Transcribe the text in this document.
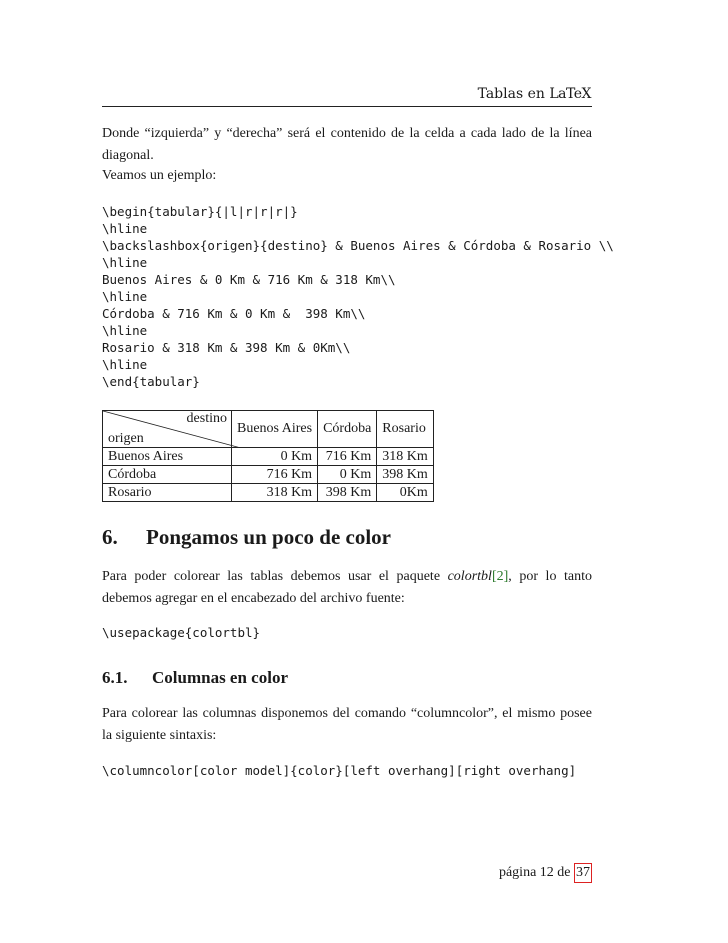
Tablas en LaTeX
Donde “izquierda” y “derecha” será el contenido de la celda a cada lado de la línea diagonal.
Veamos un ejemplo:
\begin{tabular}{|l|r|r|r|}
\hline
\backslashbox{origen}{destino} & Buenos Aires & Córdoba & Rosario \\
\hline
Buenos Aires & 0 Km & 716 Km & 318 Km\\
\hline
Córdoba & 716 Km & 0 Km &  398 Km\\
\hline
Rosario & 318 Km & 398 Km & 0Km\\
\hline
\end{tabular}
destino
origen	Buenos Aires	Córdoba	Rosario
Buenos Aires	0 Km	716 Km	318 Km
Córdoba	716 Km	0 Km	398 Km
Rosario	318 Km	398 Km	0Km
6. Pongamos un poco de color
Para poder colorear las tablas debemos usar el paquete colortbl[2], por lo tanto debemos agregar en el encabezado del archivo fuente:
\usepackage{colortbl}
6.1. Columnas en color
Para colorear las columnas disponemos del comando “columncolor”, el mismo posee la siguiente sintaxis:
\columncolor[color model]{color}[left overhang][right overhang]
página 12 de 37
